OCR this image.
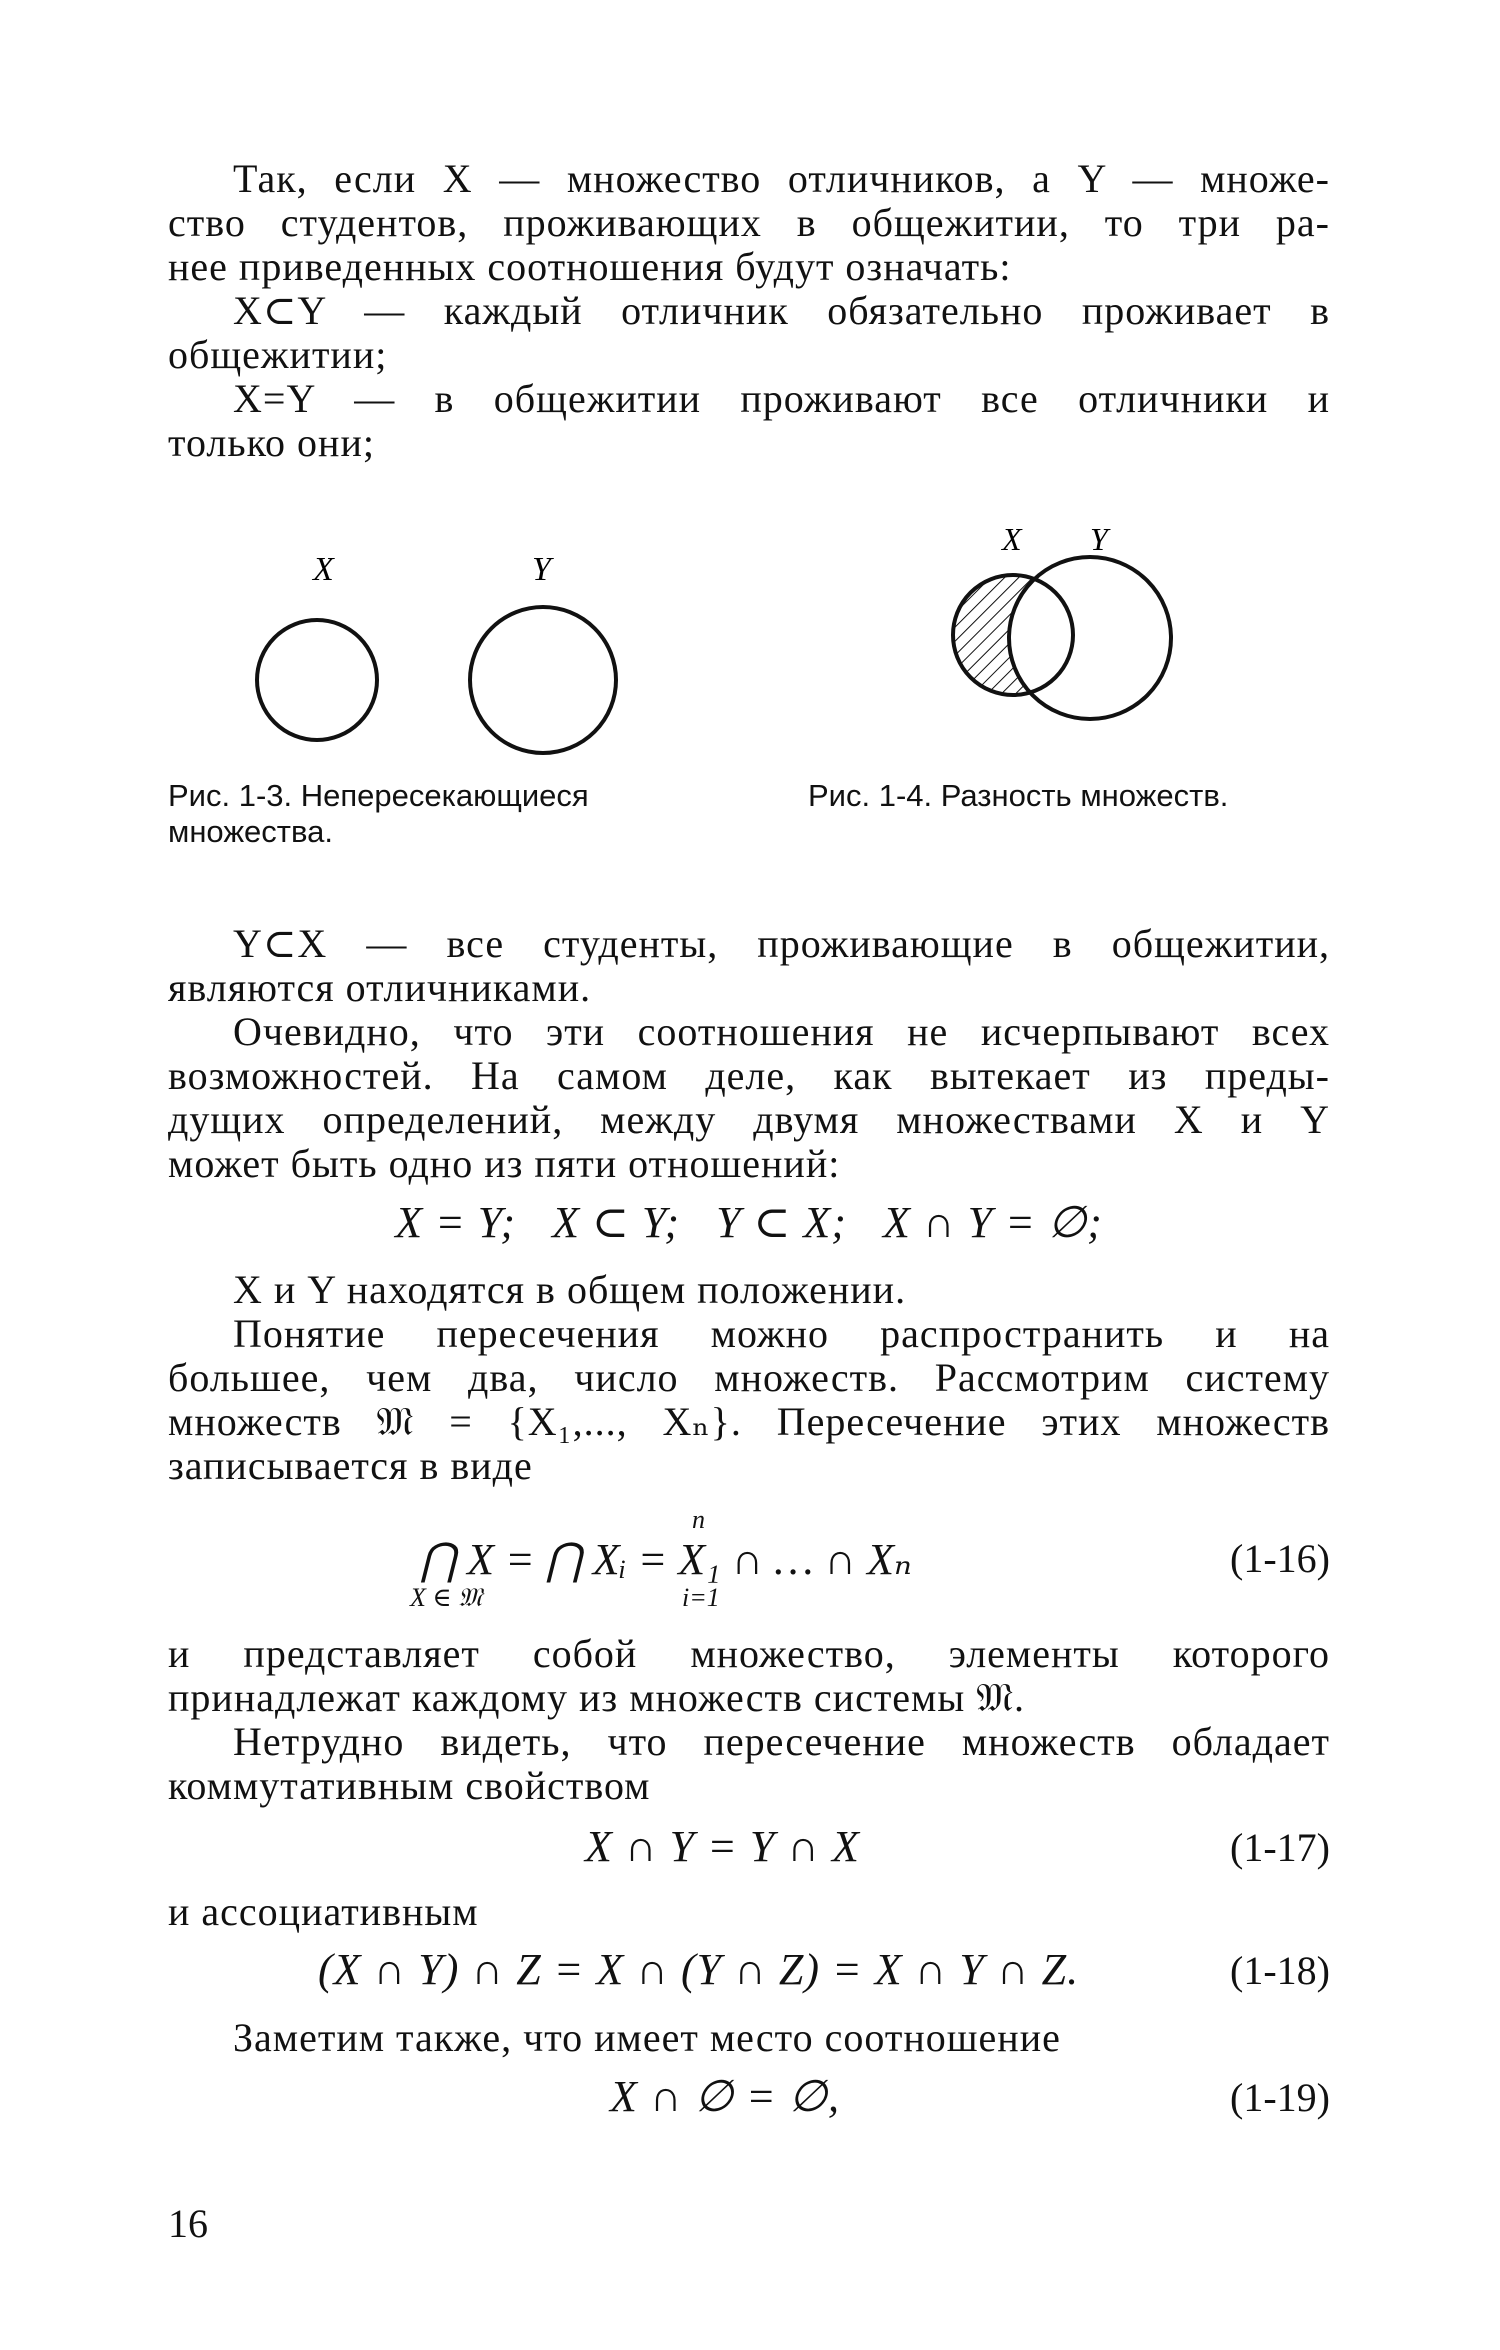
Так, если X — множество отличников, а Y — множе-
ство студентов, проживающих в общежитии, то три ра-
нее приведенных соотношения будут означать:
X⊂Y — каждый отличник обязательно проживает в
общежитии;
X=Y — в общежитии проживают все отличники и
только они;
X	Y
X Y
Рис. 1-3. Непересекающиеся
множества.
Рис. 1-4. Разность множеств.
Y⊂X — все студенты, проживающие в общежитии,
являются отличниками.
Очевидно, что эти соотношения не исчерпывают всех
возможностей. На самом деле, как вытекает из преды-
дущих определений, между двумя множествами X и Y
может быть одно из пяти отношений:
X = Y;   X ⊂ Y;   Y ⊂ X;   X ∩ Y = ∅;
X и Y находятся в общем положении.
Понятие пересечения можно распространить и на
большее, чем два, число множеств. Рассмотрим систему
множеств 𝔐 = {X₁,..., Xₙ}. Пересечение этих множеств
записывается в виде
n
⋂ X = ⋂ Xᵢ = X₁ ∩ … ∩ Xₙ
X ∈ 𝔐	i=1
(1-16)
и представляет собой множество, элементы которого
принадлежат каждому из множеств системы 𝔐.
Нетрудно видеть, что пересечение множеств обладает
коммутативным свойством
X ∩ Y = Y ∩ X	(1-17)
и ассоциативным
(X ∩ Y) ∩ Z = X ∩ (Y ∩ Z) = X ∩ Y ∩ Z.	(1-18)
Заметим также, что имеет место соотношение
X ∩ ∅ = ∅,	(1-19)
16
